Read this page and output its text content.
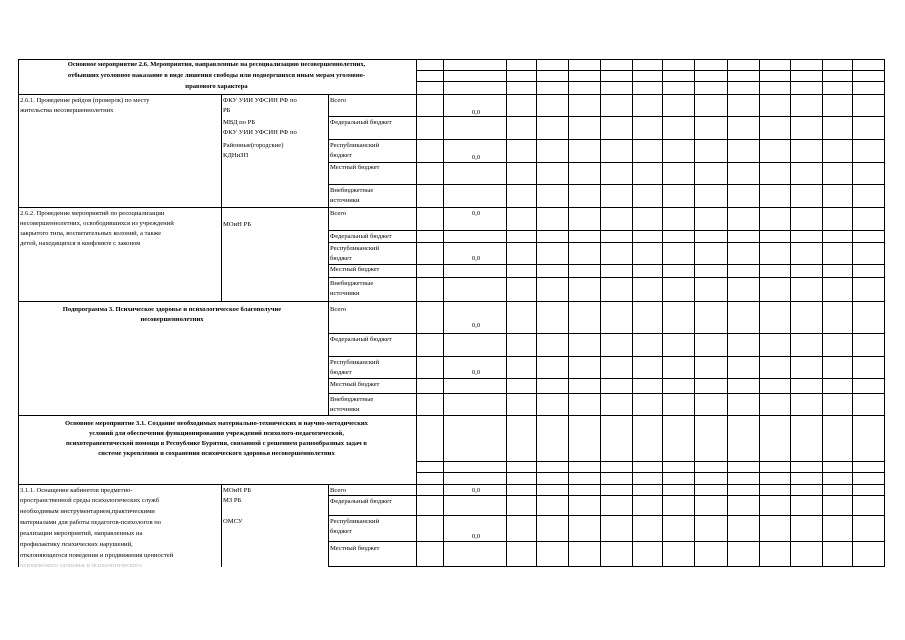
Основное мероприятие 2.6. Мероприятия, направленные на ресоциализацию несовершеннолетних,
отбывших уголовное наказание в виде лишения свободы или подвергшихся иным мерам уголовно-
правового характера
2.6.1. Проведение рейдов (проверок) по месту
жительства несовершеннолетних
ФКУ УИИ УФСИН РФ по
РБ
МВД по РБ
ФКУ УИИ УФСИН РФ по
Районные(городские)
КДНиЗП
Всего
Федеральный бюджет
Республиканский
бюджет
Местный бюджет
Внебюджетные
источники
0,0
0,0
2.6.2. Проведение мероприятий по ресоциализации
несовершеннолетних, освободившихся из учреждений
закрытого типа, воспитательных колоний, а также
детей, находящихся в конфликте с законом
МОиН РБ
Всего
Федеральный бюджет
Республиканский
бюджет
Местный бюджет
Внебюджетные
источники
0,0
0,0
Подпрограмма 3. Психическое здоровье и психологическое благополучие
несовершеннолетних
Всего
Федеральный бюджет
Республиканский
бюджет
Местный бюджет
Внебюджетные
источники
0,0
0,0
Основное мероприятие 3.1. Создание необходимых материально-технических и научно-методических
условий для обеспечения функционирования учреждений психолого-педагогической,
психотерапевтической помощи в Республике Бурятия, связанной с решением разнообразных задач в
системе укрепления и сохранения психического здоровья несовершеннолетних
3.1.1. Оснащение кабинетов предметно-
пространственной среды психологических служб
необходимым инструментарием,практическими
материалами для работы педагогов-психологов по
реализации мероприятий, направленных на
профилактику психических нарушений,
отклоняющегося поведения и продвижения ценностей
психического здоровья и психологического
МОиН РБ
МЗ РБ
ОМСУ
Всего
Федеральный бюджет
Республиканский
бюджет
Местный бюджет
0,0
0,0
